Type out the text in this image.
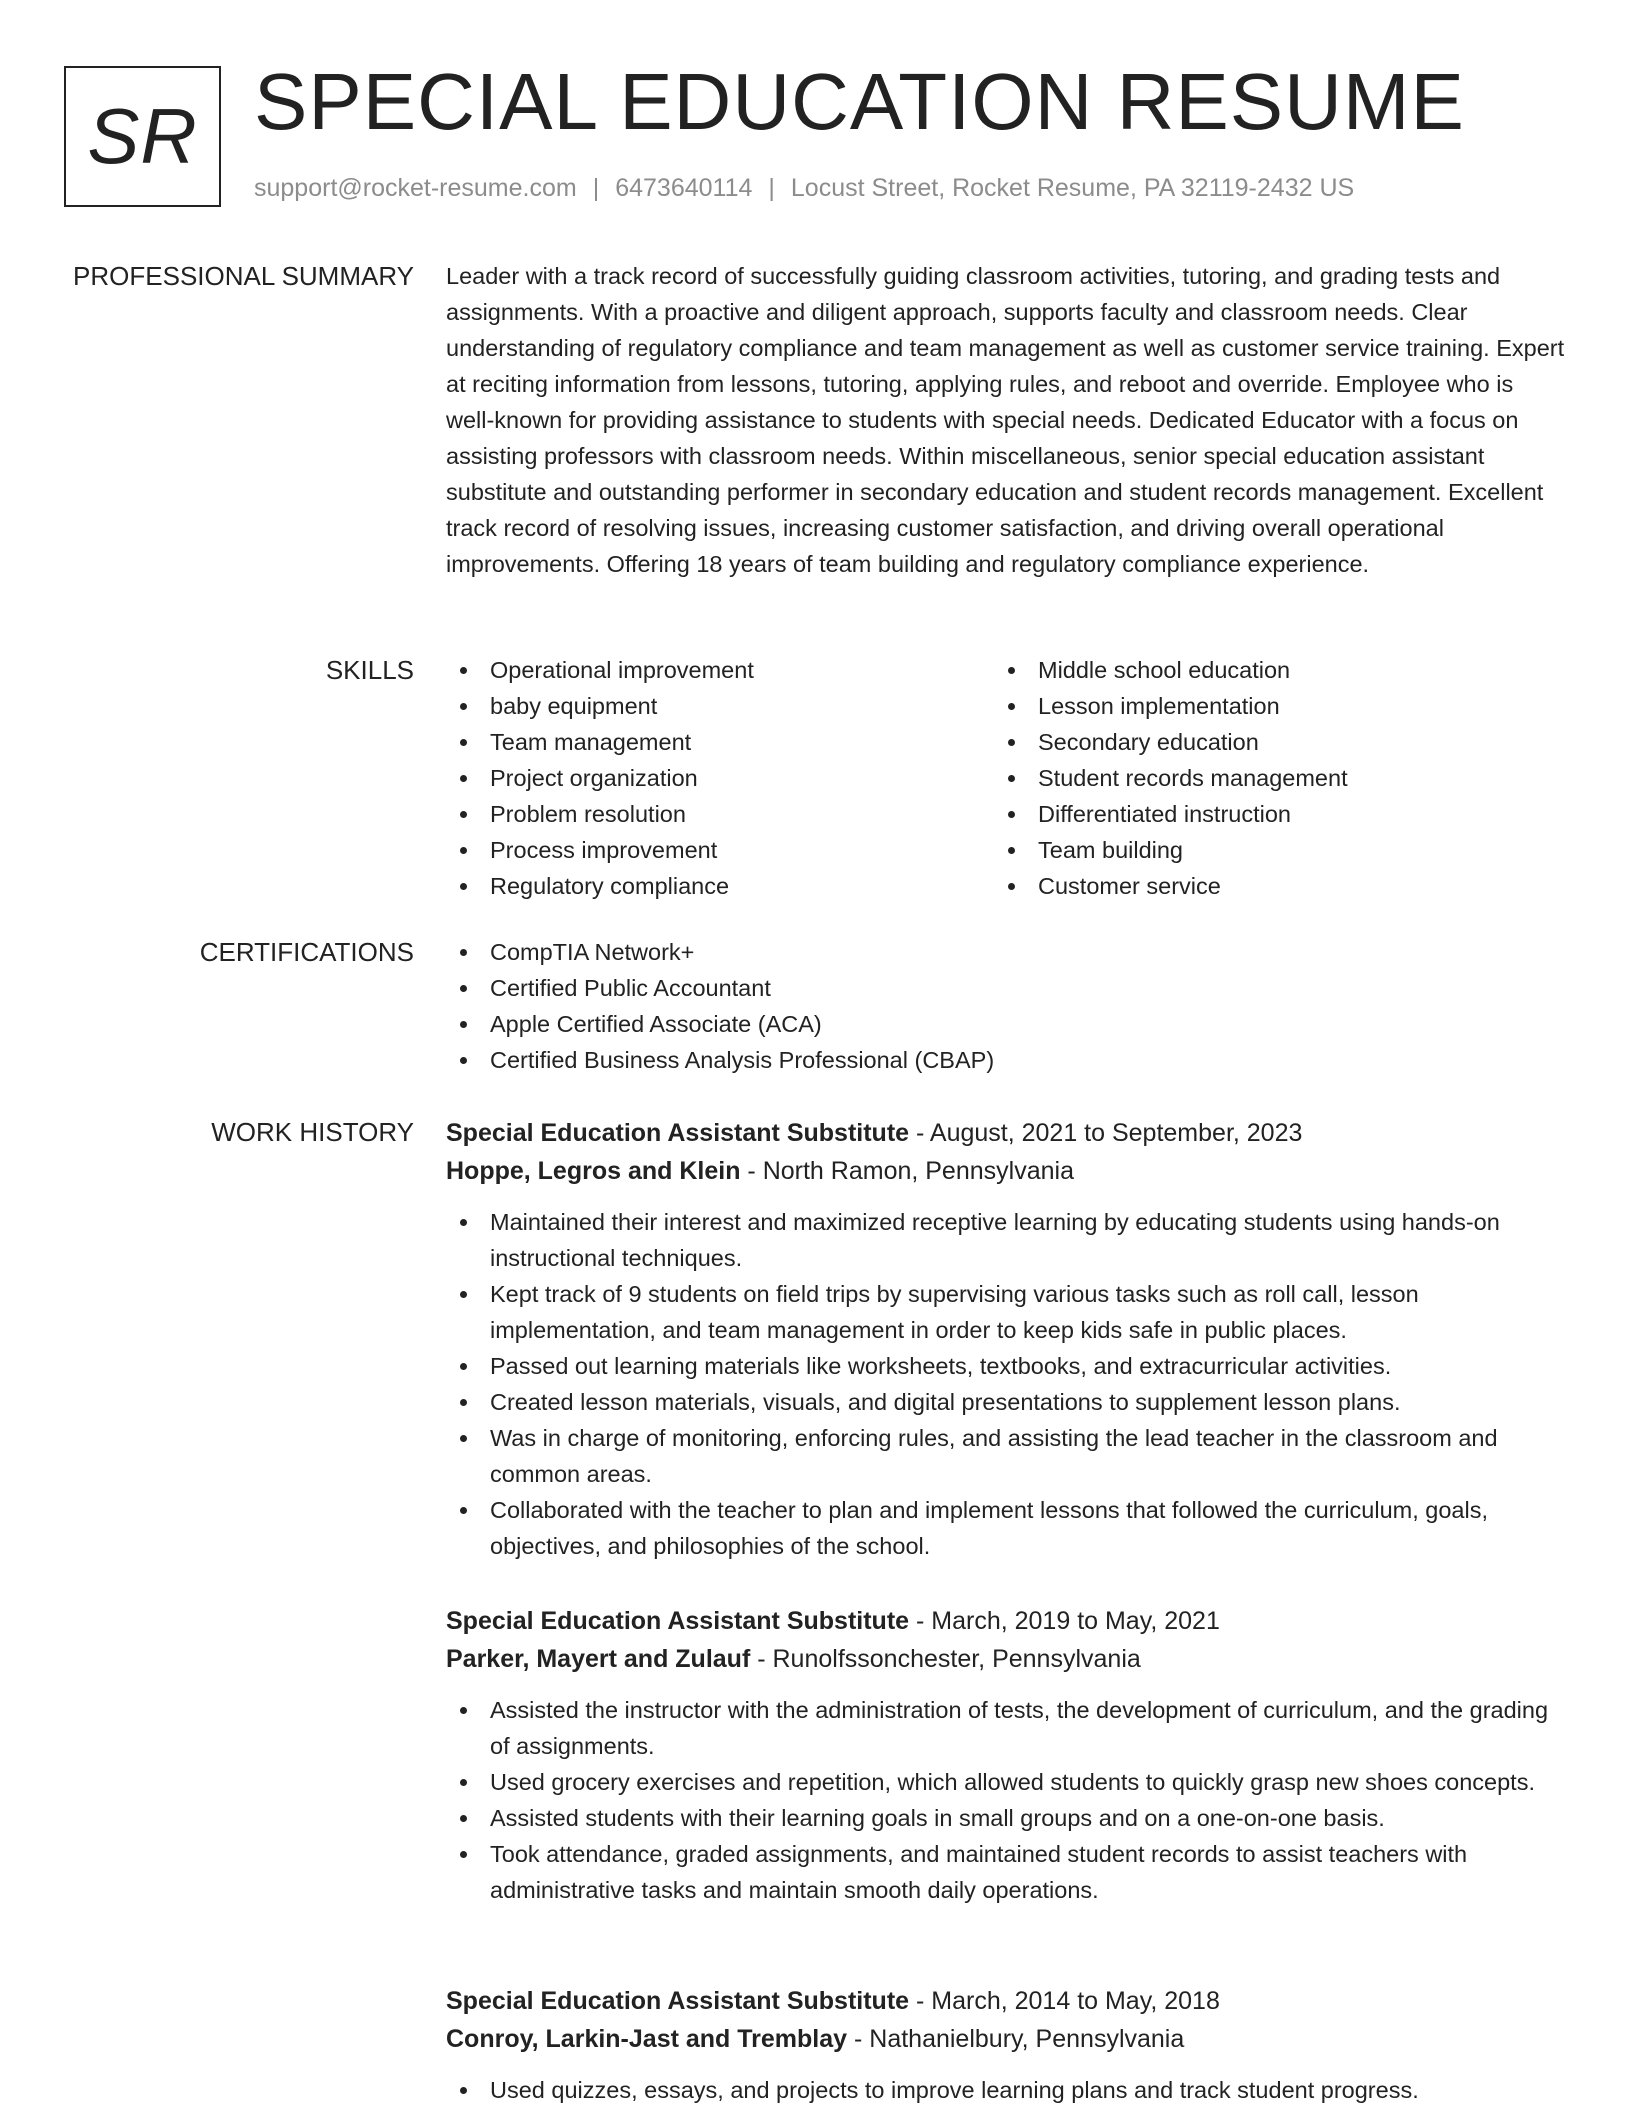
SR SPECIAL EDUCATION RESUME
support@rocket-resume.com | 6473640114 | Locust Street, Rocket Resume, PA 32119-2432 US
PROFESSIONAL SUMMARY Leader with a track record of successfully guiding classroom activities, tutoring, and grading tests and assignments. With a proactive and diligent approach, supports faculty and classroom needs. Clear understanding of regulatory compliance and team management as well as customer service training. Expert at reciting information from lessons, tutoring, applying rules, and reboot and override. Employee who is well-known for providing assistance to students with special needs. Dedicated Educator with a focus on assisting professors with classroom needs. Within miscellaneous, senior special education assistant substitute and outstanding performer in secondary education and student records management. Excellent track record of resolving issues, increasing customer satisfaction, and driving overall operational improvements. Offering 18 years of team building and regulatory compliance experience.

SKILLS	Operational improvement
baby equipment
Team management
Project organization
Problem resolution
Process improvement
Regulatory compliance
Middle school education
Lesson implementation
Secondary education
Student records management
Differentiated instruction
Team building
Customer service
CERTIFICATIONS	CompTIA Network+
Certified Public Accountant
Apple Certified Associate (ACA)
Certified Business Analysis Professional (CBAP)
WORK HISTORY Special Education Assistant Substitute - August, 2021 to September, 2023
Hoppe, Legros and Klein - North Ramon, Pennsylvania
Maintained their interest and maximized receptive learning by educating students using hands-on instructional techniques.
Kept track of 9 students on field trips by supervising various tasks such as roll call, lesson implementation, and team management in order to keep kids safe in public places.
Passed out learning materials like worksheets, textbooks, and extracurricular activities.
Created lesson materials, visuals, and digital presentations to supplement lesson plans.
Was in charge of monitoring, enforcing rules, and assisting the lead teacher in the classroom and common areas.
Collaborated with the teacher to plan and implement lessons that followed the curriculum, goals, objectives, and philosophies of the school.
Special Education Assistant Substitute - March, 2019 to May, 2021
Parker, Mayert and Zulauf - Runolfssonchester, Pennsylvania
Assisted the instructor with the administration of tests, the development of curriculum, and the grading of assignments.
Used grocery exercises and repetition, which allowed students to quickly grasp new shoes concepts.
Assisted students with their learning goals in small groups and on a one-on-one basis.
Took attendance, graded assignments, and maintained student records to assist teachers with administrative tasks and maintain smooth daily operations.
Special Education Assistant Substitute - March, 2014 to May, 2018
Conroy, Larkin-Jast and Tremblay - Nathanielbury, Pennsylvania
Used quizzes, essays, and projects to improve learning plans and track student progress.
